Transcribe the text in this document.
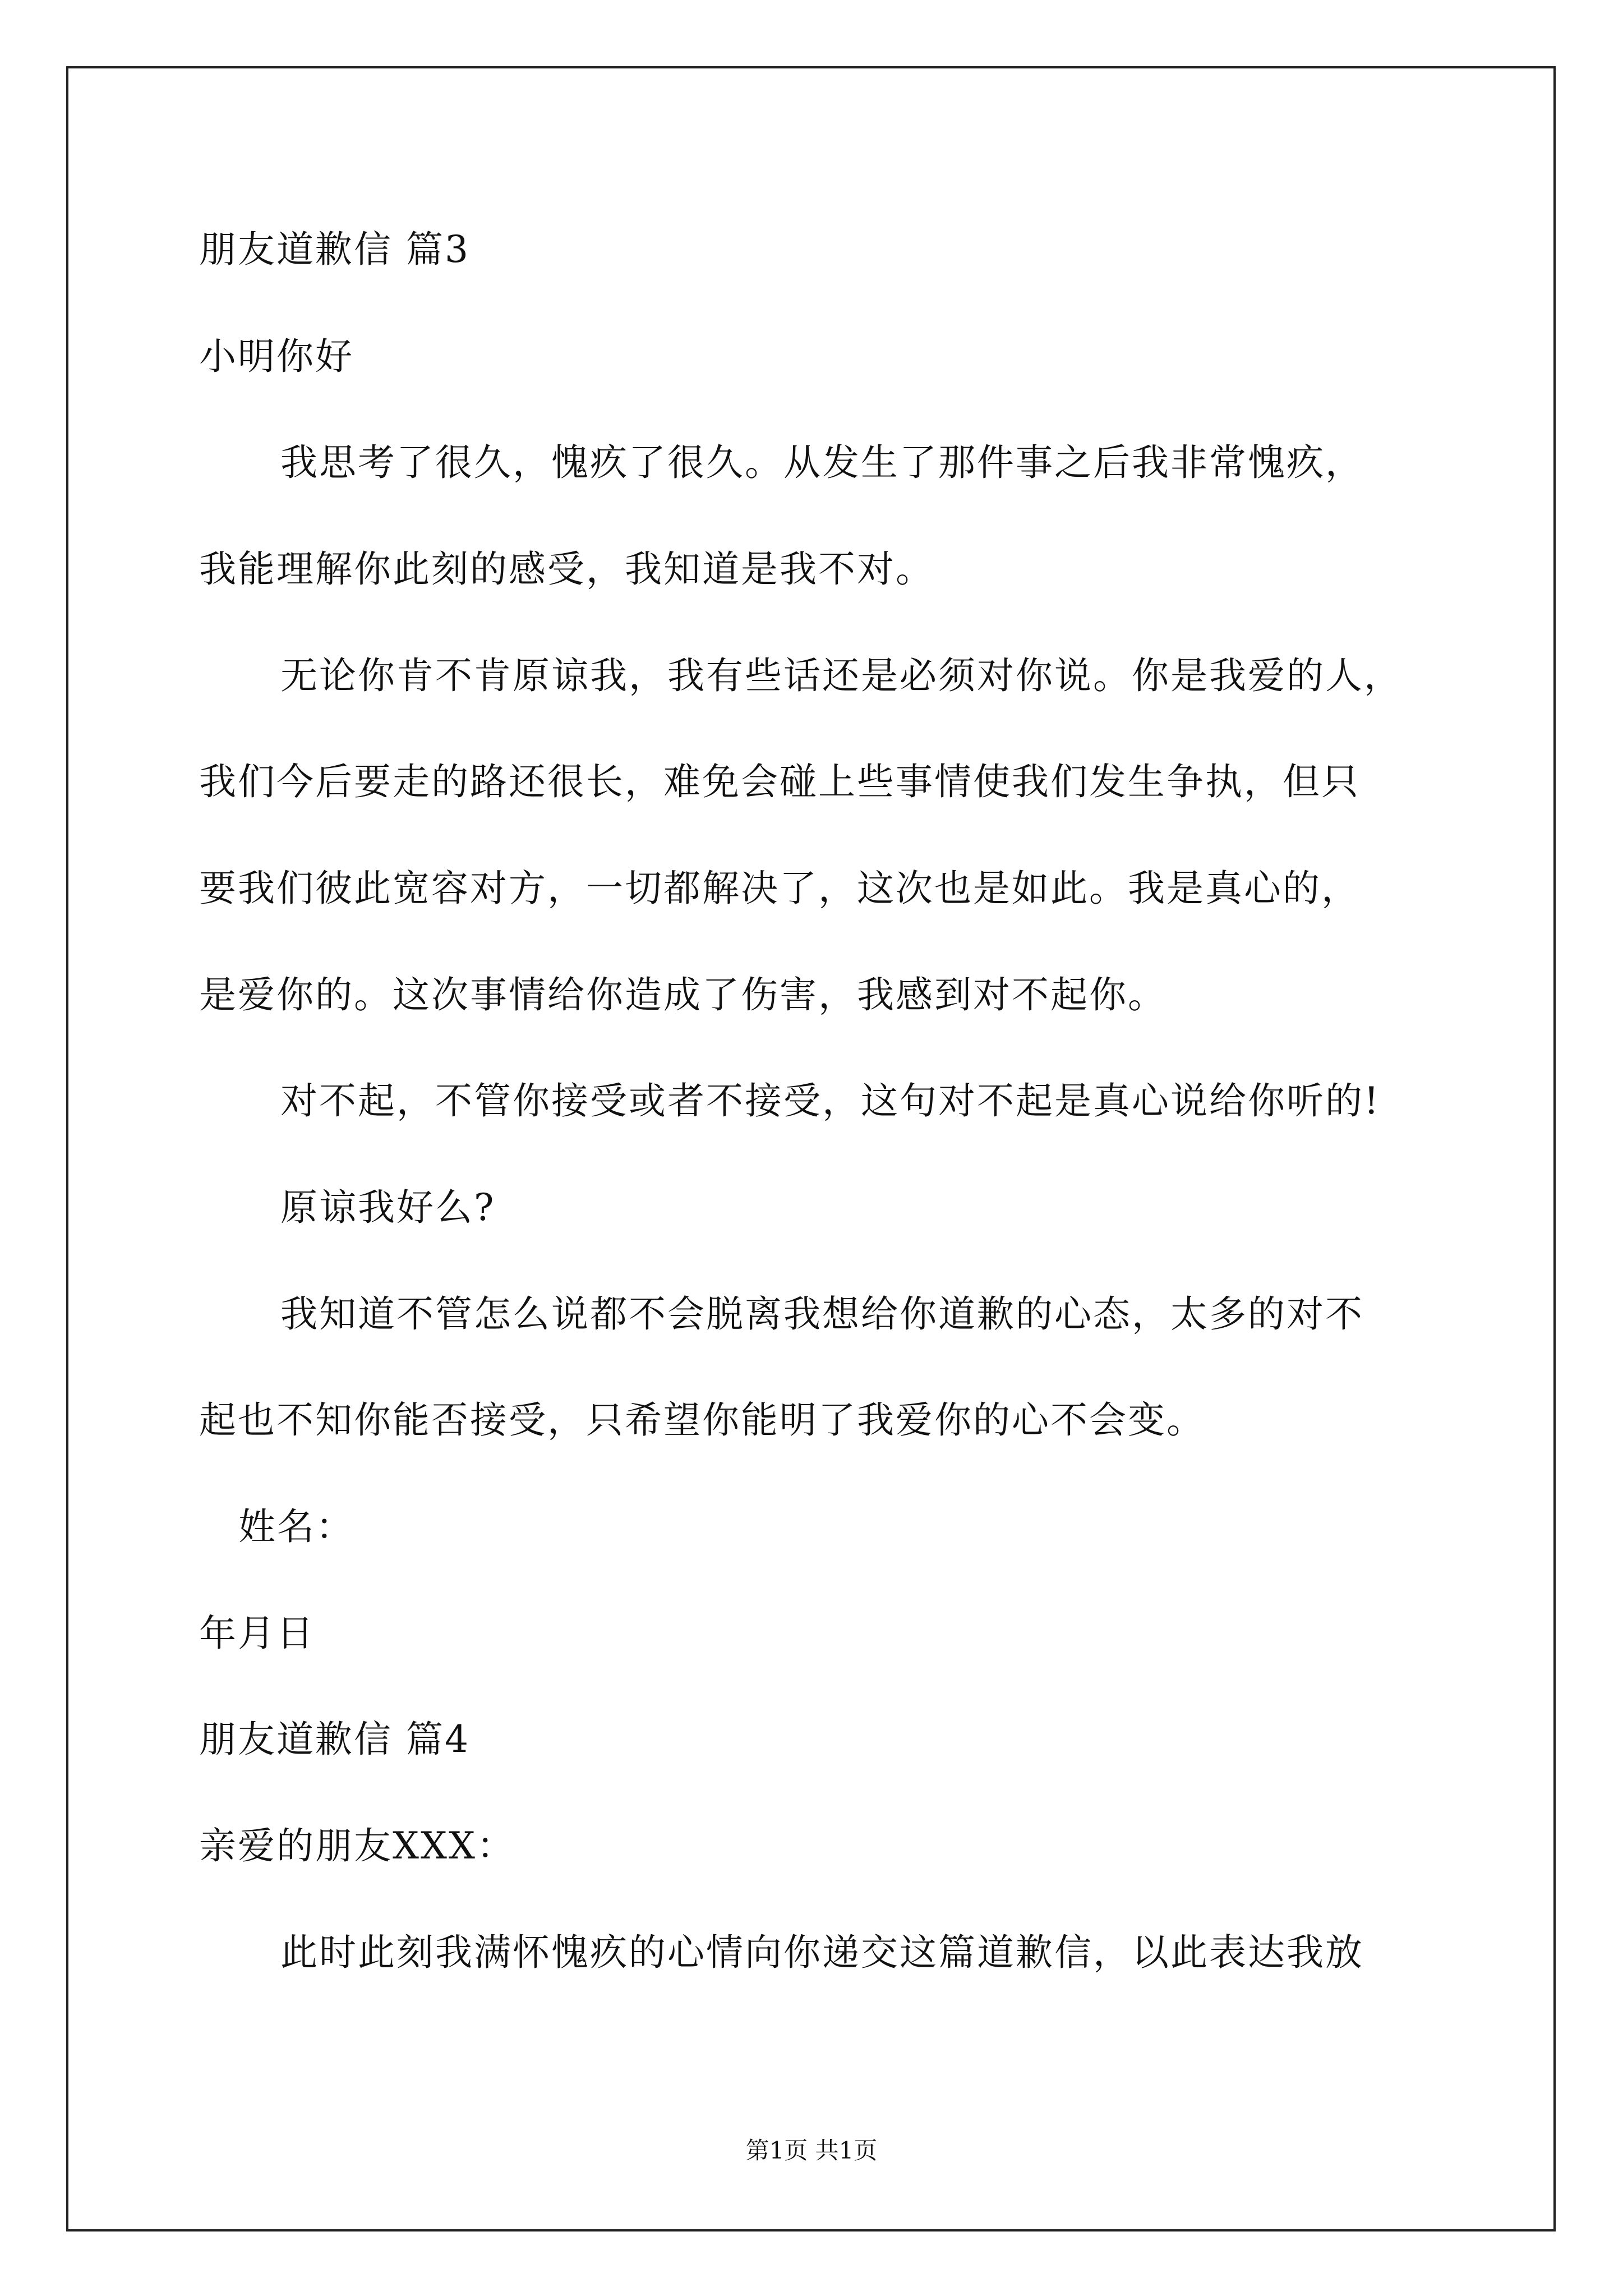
朋友道歉信 篇3
小明你好
我思考了很久，愧疚了很久。从发生了那件事之后我非常愧疚，
我能理解你此刻的感受，我知道是我不对。
无论你肯不肯原谅我，我有些话还是必须对你说。你是我爱的人，
我们今后要走的路还很长，难免会碰上些事情使我们发生争执，但只
要我们彼此宽容对方，一切都解决了，这次也是如此。我是真心的，
是爱你的。这次事情给你造成了伤害，我感到对不起你。
对不起，不管你接受或者不接受，这句对不起是真心说给你听的!
原谅我好么?
我知道不管怎么说都不会脱离我想给你道歉的心态，太多的对不
起也不知你能否接受，只希望你能明了我爱你的心不会变。
姓名：
年月日
朋友道歉信 篇4
亲爱的朋友XXX：
此时此刻我满怀愧疚的心情向你递交这篇道歉信，以此表达我放
第1页 共1页
